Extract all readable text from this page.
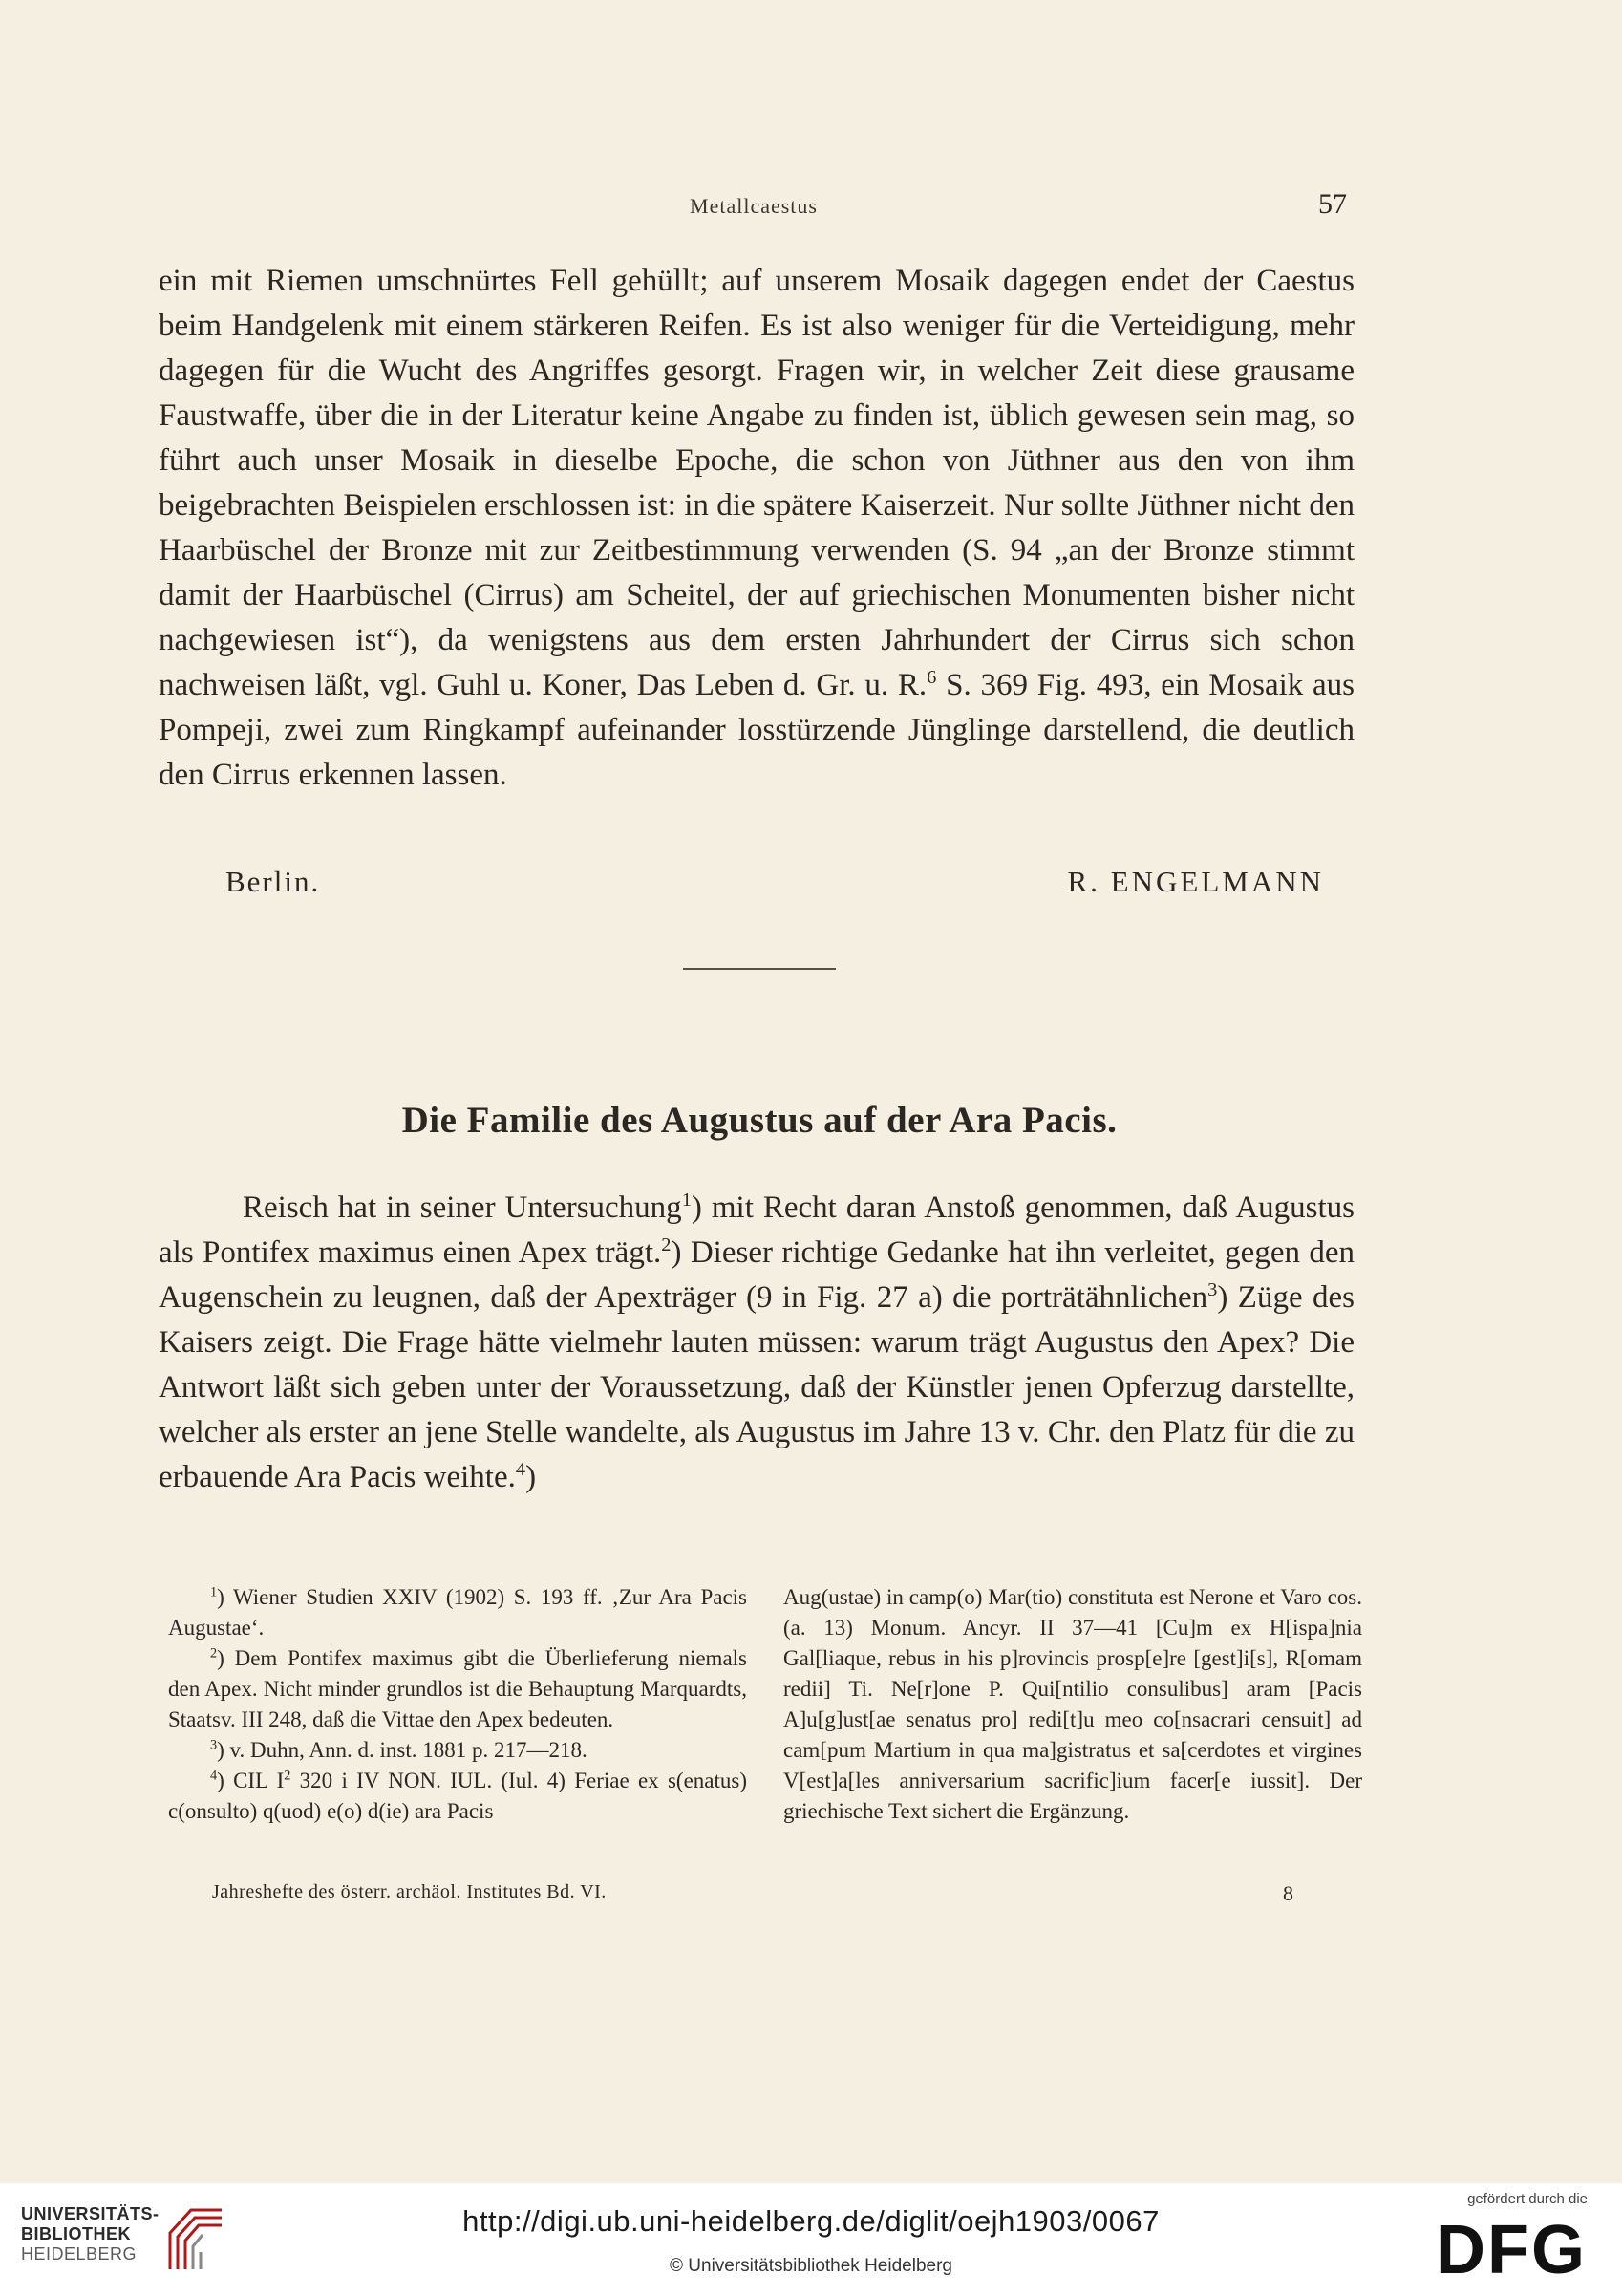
Metallcaestus	57

ein mit Riemen umschnürtes Fell gehüllt; auf unserem Mosaik dagegen endet der Caestus beim Handgelenk mit einem stärkeren Reifen. Es ist also weniger für die Verteidigung, mehr dagegen für die Wucht des Angriffes gesorgt. Fragen wir, in welcher Zeit diese grausame Faustwaffe, über die in der Literatur keine Angabe zu finden ist, üblich gewesen sein mag, so führt auch unser Mosaik in dieselbe Epoche, die schon von Jüthner aus den von ihm beigebrachten Beispielen erschlossen ist: in die spätere Kaiserzeit. Nur sollte Jüthner nicht den Haarbüschel der Bronze mit zur Zeitbestimmung verwenden (S. 94 „an der Bronze stimmt damit der Haarbüschel (Cirrus) am Scheitel, der auf griechischen Monumenten bisher nicht nachgewiesen ist“), da wenigstens aus dem ersten Jahrhundert der Cirrus sich schon nachweisen läßt, vgl. Guhl u. Koner, Das Leben d. Gr. u. R.$^6$ S. 369 Fig. 493, ein Mosaik aus Pompeji, zwei zum Ringkampf aufeinander losstürzende Jünglinge darstellend, die deutlich den Cirrus erkennen lassen.

Berlin.	R. ENGELMANN
Die Familie des Augustus auf der Ara Pacis.

Reisch hat in seiner Untersuchung$^1$) mit Recht daran Anstoß genommen, daß Augustus als Pontifex maximus einen Apex trägt.$^2$) Dieser richtige Gedanke hat ihn verleitet, gegen den Augenschein zu leugnen, daß der Apexträger (9 in Fig. 27 a) die porträtähnlichen$^3$) Züge des Kaisers zeigt. Die Frage hätte vielmehr lauten müssen: warum trägt Augustus den Apex? Die Antwort läßt sich geben unter der Voraussetzung, daß der Künstler jenen Opferzug darstellte, welcher als erster an jene Stelle wandelte, als Augustus im Jahre 13 v. Chr. den Platz für die zu erbauende Ara Pacis weihte.$^4$)

$^1$) Wiener Studien XXIV (1902) S. 193 ff. ‚Zur Ara Pacis Augustae‘.

$^2$) Dem Pontifex maximus gibt die Überlieferung niemals den Apex. Nicht minder grundlos ist die Behauptung Marquardts, Staatsv. III 248, daß die Vittae den Apex bedeuten.

$^3$) v. Duhn, Ann. d. inst. 1881 p. 217—218.

$^4$) CIL $I^2$ 320 i IV NON. IUL. (Iul. 4) Feriae ex s(enatus) c(onsulto) q(uod) e(o) d(ie) ara Pacis

Aug(ustae) in camp(o) Mar(tio) constituta est Nerone et Varo cos. (a. 13) Monum. Ancyr. II 37—41 [Cu]m ex H[ispa]nia Gal[liaque, rebus in his p]rovincis prosp[e]re [gest]i[s], R[omam redii] Ti. Ne[r]one P. Qui[ntilio consulibus] aram [Pacis A]u[g]ust[ae senatus pro] redi[t]u meo co[nsacrari censuit] ad cam[pum Martium in qua ma]gistratus et sa[cerdotes et virgines V[est]a[les anniversarium sacrific]ium facer[e iussit]. Der griechische Text sichert die Ergänzung.

Jahreshefte des österr. archäol. Institutes Bd. VI.	8
UNIVERSITÄTS-
BIBLIOTHEK
HEIDELBERG
http://digi.ub.uni-heidelberg.de/diglit/oejh1903/0067
© Universitätsbibliothek Heidelberg
gefördert durch die
DFG
